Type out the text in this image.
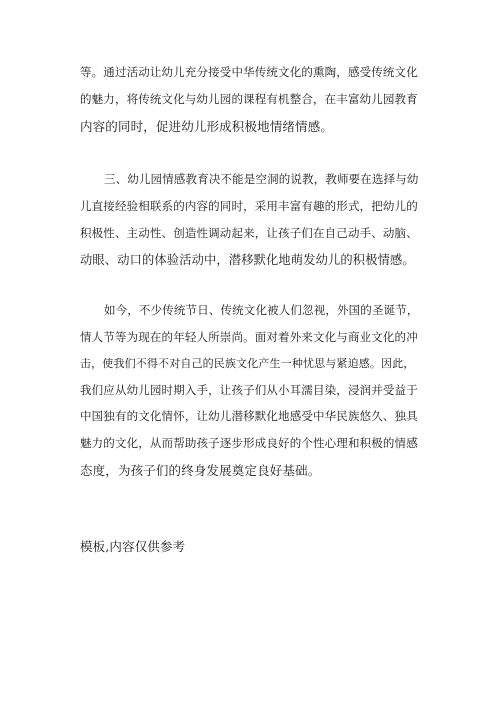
等。通过活动让幼儿充分接受中华传统文化的熏陶，感受传统文化
的魅力，将传统文化与幼儿园的课程有机整合，在丰富幼儿园教育
内容的同时，促进幼儿形成积极地情绪情感。
三、幼儿园情感教育决不能是空洞的说教，教师要在选择与幼
儿直接经验相联系的内容的同时，采用丰富有趣的形式，把幼儿的
积极性、主动性、创造性调动起来，让孩子们在自己动手、动脑、
动眼、动口的体验活动中，潜移默化地萌发幼儿的积极情感。
如今，不少传统节日、传统文化被人们忽视，外国的圣诞节，
情人节等为现在的年轻人所崇尚。面对着外来文化与商业文化的冲
击，使我们不得不对自己的民族文化产生一种忧思与紧迫感。因此，
我们应从幼儿园时期入手，让孩子们从小耳濡目染，浸润并受益于
中国独有的文化情怀，让幼儿潜移默化地感受中华民族悠久、独具
魅力的文化，从而帮助孩子逐步形成良好的个性心理和积极的情感
态度，为孩子们的终身发展奠定良好基础。
模板,内容仅供参考
